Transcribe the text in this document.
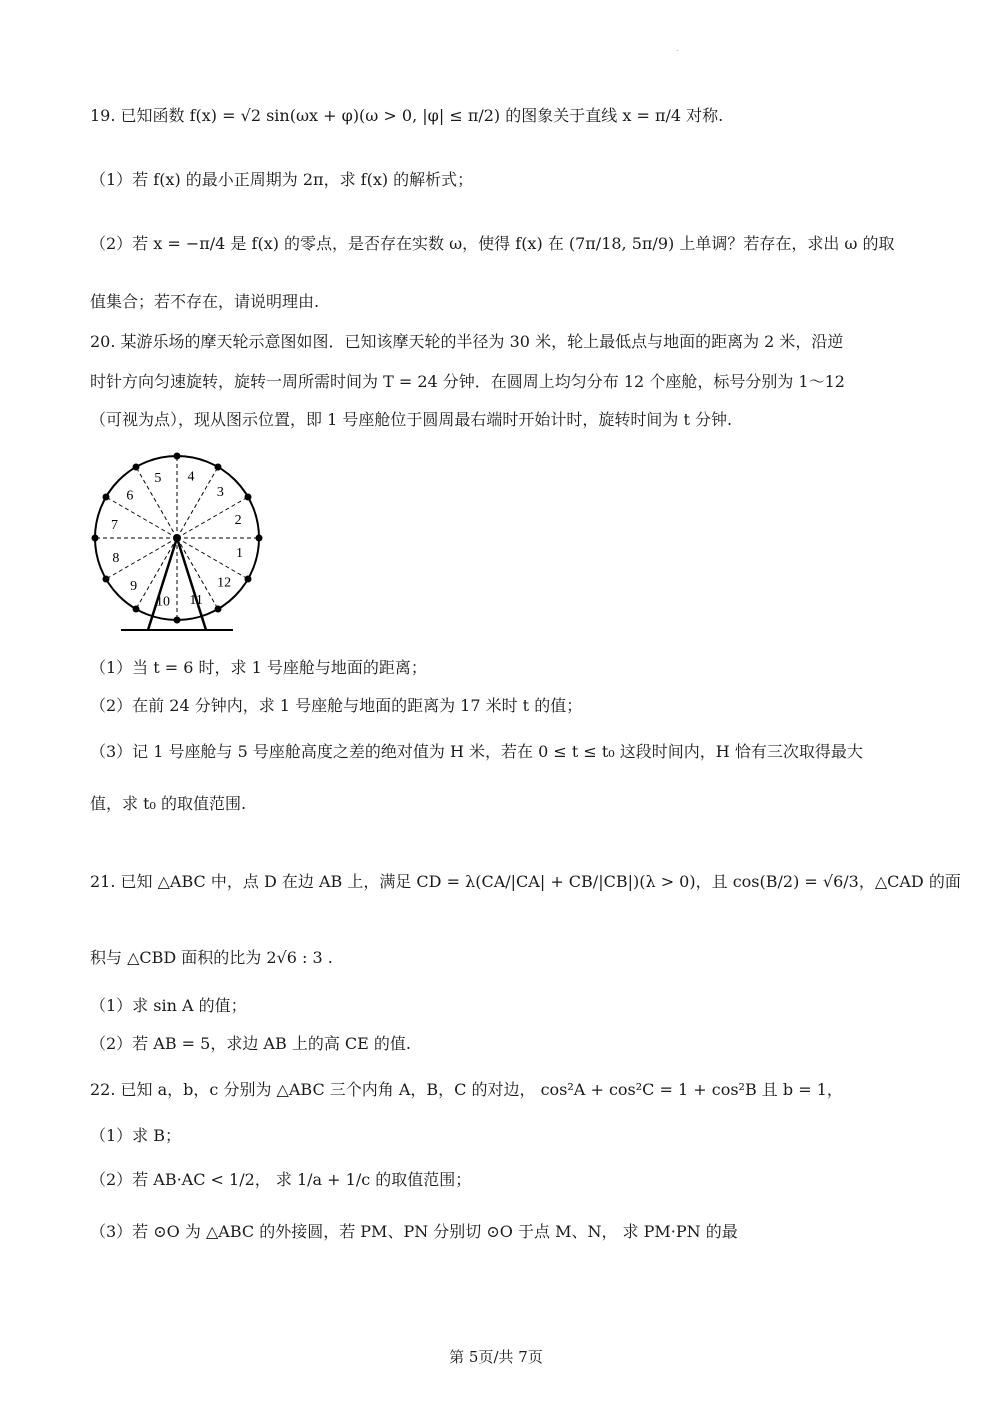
.
19. 已知函数 f(x) = √2 sin(ωx + φ)(ω > 0, |φ| ≤ π/2) 的图象关于直线 x = π/4 对称.
（1）若 f(x) 的最小正周期为 2π，求 f(x) 的解析式；
（2）若 x = −π/4 是 f(x) 的零点，是否存在实数 ω，使得 f(x) 在 (7π/18, 5π/9) 上单调？若存在，求出 ω 的取
值集合；若不存在，请说明理由.
20. 某游乐场的摩天轮示意图如图．已知该摩天轮的半径为 30 米，轮上最低点与地面的距离为 2 米，沿逆
时针方向匀速旋转，旋转一周所需时间为 T = 24 分钟．在圆周上均匀分布 12 个座舱，标号分别为 1～12
（可视为点），现从图示位置，即 1 号座舱位于圆周最右端时开始计时，旋转时间为 t 分钟.
1
2
3
4
5
6
7
8
9
10 11
12
（1）当 t = 6 时，求 1 号座舱与地面的距离；
（2）在前 24 分钟内，求 1 号座舱与地面的距离为 17 米时 t 的值；
（3）记 1 号座舱与 5 号座舱高度之差的绝对值为 H 米，若在 0 ≤ t ≤ t₀ 这段时间内，H 恰有三次取得最大
值，求 t₀ 的取值范围.
21. 已知 △ABC 中，点 D 在边 AB 上，满足 CD = λ(CA/|CA| + CB/|CB|)(λ > 0)，且 cos(B/2) = √6/3，△CAD 的面
积与 △CBD 面积的比为 2√6 : 3 .
（1）求 sin A 的值；
（2）若 AB = 5，求边 AB 上的高 CE 的值.
22. 已知 a，b，c 分别为 △ABC 三个内角 A，B，C 的对边， cos²A + cos²C = 1 + cos²B 且 b = 1，
（1）求 B；
（2）若 AB·AC < 1/2， 求 1/a + 1/c 的取值范围；
（3）若 ⊙O 为 △ABC 的外接圆，若 PM、PN 分别切 ⊙O 于点 M、N， 求 PM·PN 的最
第 5页/共 7页
